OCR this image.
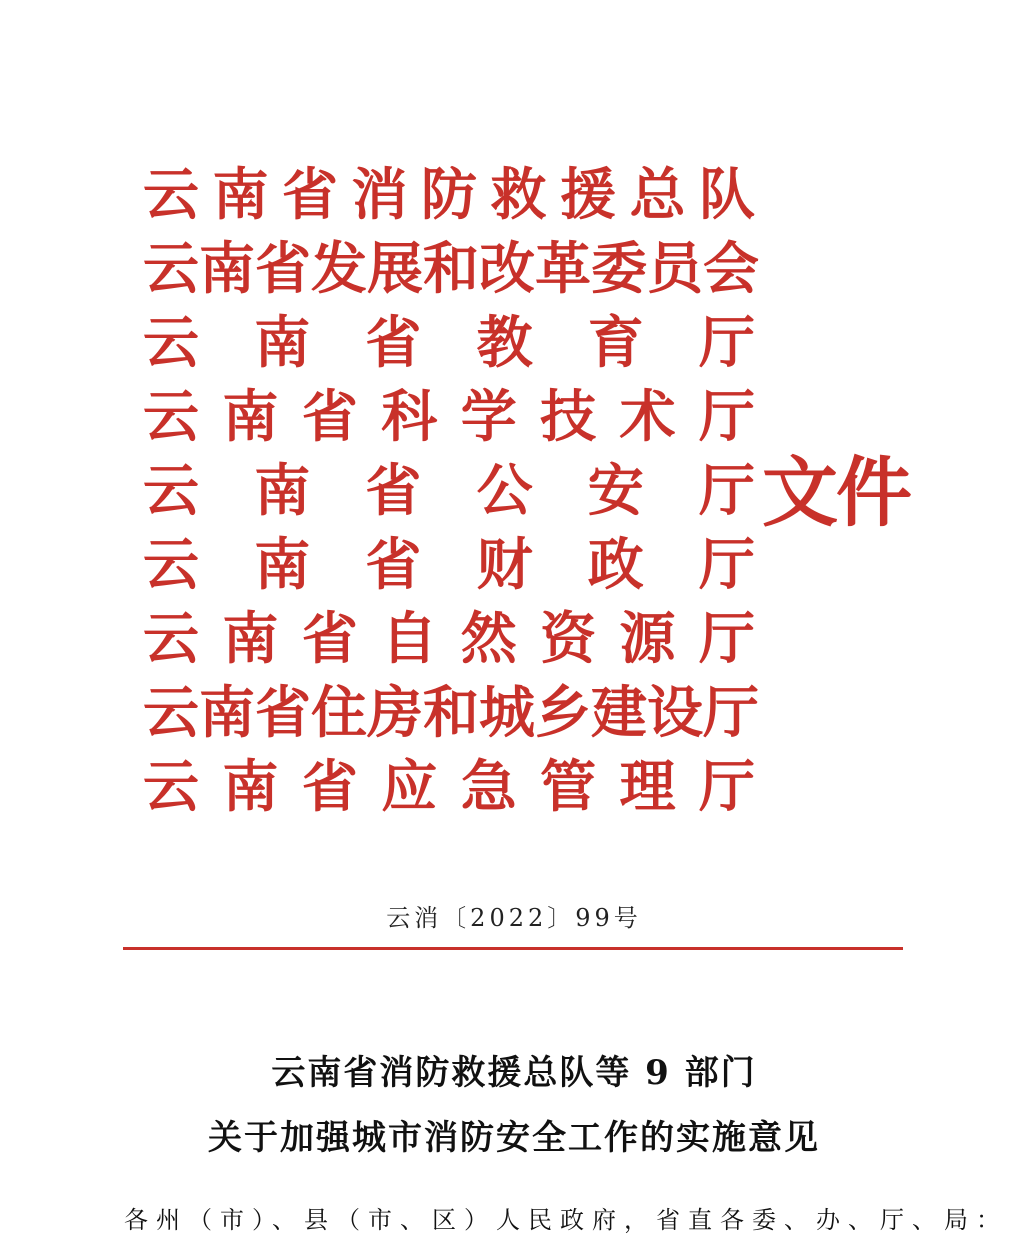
云 南 省 消 防 救 援 总 队
云 南 省 发 展 和 改 革 委 员 会
云 南 省 教 育 厅
云 南 省 科 学 技 术 厅
云 南 省 公 安 厅
云 南 省 财 政 厅
云 南 省 自 然 资 源 厅
云 南 省 住 房 和 城 乡 建 设 厅
云 南 省 应 急 管 理 厅
文件
云消〔2022〕99号
云南省消防救援总队等 9 部门
关于加强城市消防安全工作的实施意见
各州（市）、县（市、区）人民政府，省直各委、办、厅、局：
